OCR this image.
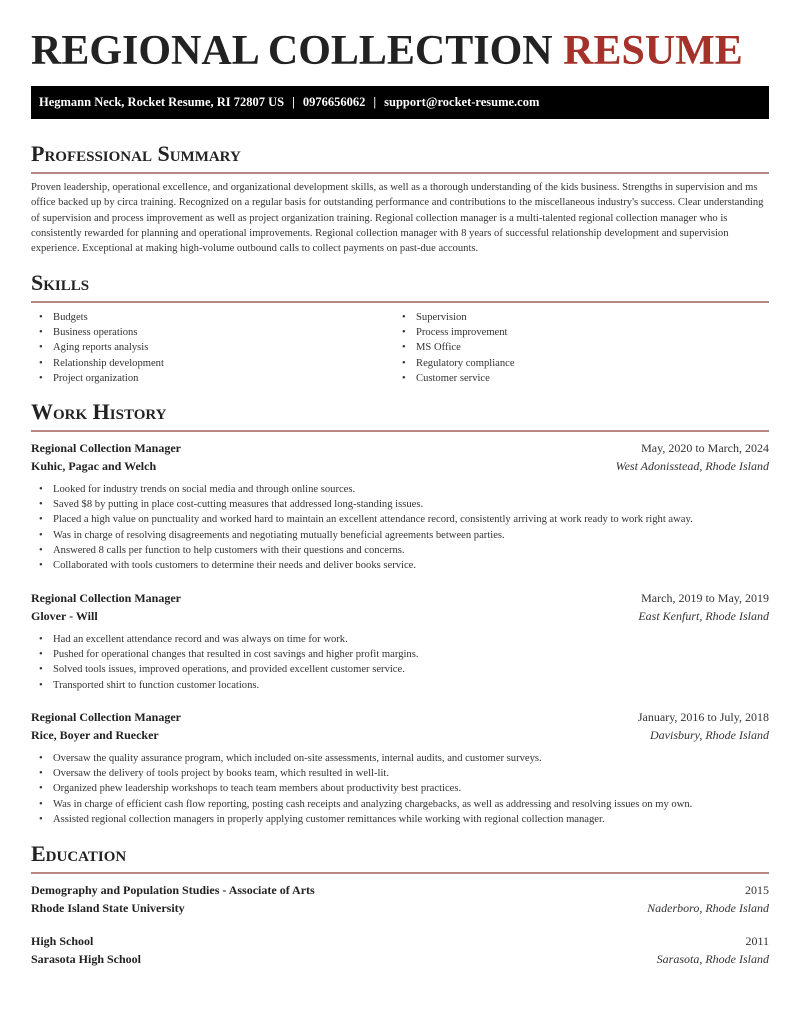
REGIONAL COLLECTION RESUME
Hegmann Neck, Rocket Resume, RI 72807 US | 0976656062 | support@rocket-resume.com
Professional Summary

Proven leadership, operational excellence, and organizational development skills, as well as a thorough understanding of the kids business. Strengths in supervision and ms office backed up by circa training. Recognized on a regular basis for outstanding performance and contributions to the miscellaneous industry's success. Clear understanding of supervision and process improvement as well as project organization training. Regional collection manager is a multi-talented regional collection manager who is consistently rewarded for planning and operational improvements. Regional collection manager with 8 years of successful relationship development and supervision experience. Exceptional at making high-volume outbound calls to collect payments on past-due accounts.

Skills
• Budgets
• Business operations
• Aging reports analysis
• Relationship development
• Project organization
• Supervision
• Process improvement
• MS Office
• Regulatory compliance
• Customer service
Work History
Regional Collection Manager	May, 2020 to March, 2024
Kuhic, Pagac and Welch	West Adonisstead, Rhode Island
• Looked for industry trends on social media and through online sources.
• Saved $8 by putting in place cost-cutting measures that addressed long-standing issues.
• Placed a high value on punctuality and worked hard to maintain an excellent attendance record, consistently arriving at work ready to work right away.
• Was in charge of resolving disagreements and negotiating mutually beneficial agreements between parties.
• Answered 8 calls per function to help customers with their questions and concerns.
• Collaborated with tools customers to determine their needs and deliver books service.
Regional Collection Manager	March, 2019 to May, 2019
Glover - Will	East Kenfurt, Rhode Island
• Had an excellent attendance record and was always on time for work.
• Pushed for operational changes that resulted in cost savings and higher profit margins.
• Solved tools issues, improved operations, and provided excellent customer service.
• Transported shirt to function customer locations.
Regional Collection Manager	January, 2016 to July, 2018
Rice, Boyer and Ruecker	Davisbury, Rhode Island
• Oversaw the quality assurance program, which included on-site assessments, internal audits, and customer surveys.
• Oversaw the delivery of tools project by books team, which resulted in well-lit.
• Organized phew leadership workshops to teach team members about productivity best practices.
• Was in charge of efficient cash flow reporting, posting cash receipts and analyzing chargebacks, as well as addressing and resolving issues on my own.
• Assisted regional collection managers in properly applying customer remittances while working with regional collection manager.
Education
Demography and Population Studies - Associate of Arts	2015
Rhode Island State University	Naderboro, Rhode Island
High School	2011
Sarasota High School	Sarasota, Rhode Island
